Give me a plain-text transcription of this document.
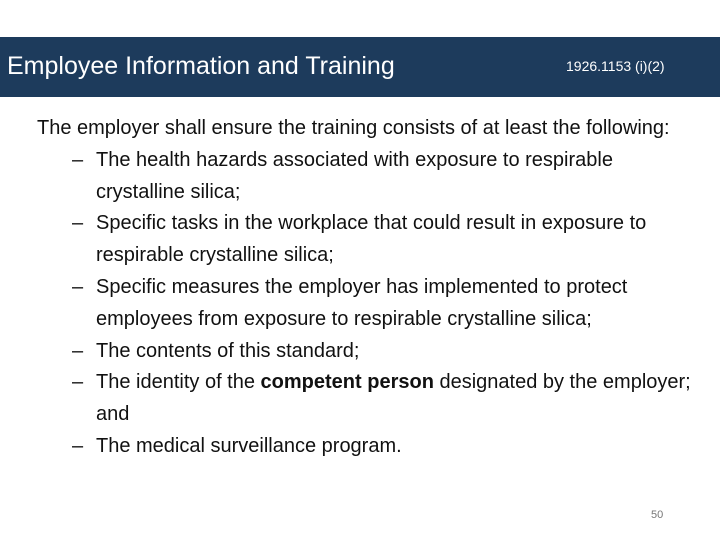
Employee Information and Training	1926.1153 (i)(2)

The employer shall ensure the training consists of at least the following:

– The health hazards associated with exposure to respirable crystalline silica;
– Specific tasks in the workplace that could result in exposure to respirable crystalline silica;
– Specific measures the employer has implemented to protect employees from exposure to respirable crystalline silica;
– The contents of this standard;
– The identity of the competent person designated by the employer; and
– The medical surveillance program.
50
